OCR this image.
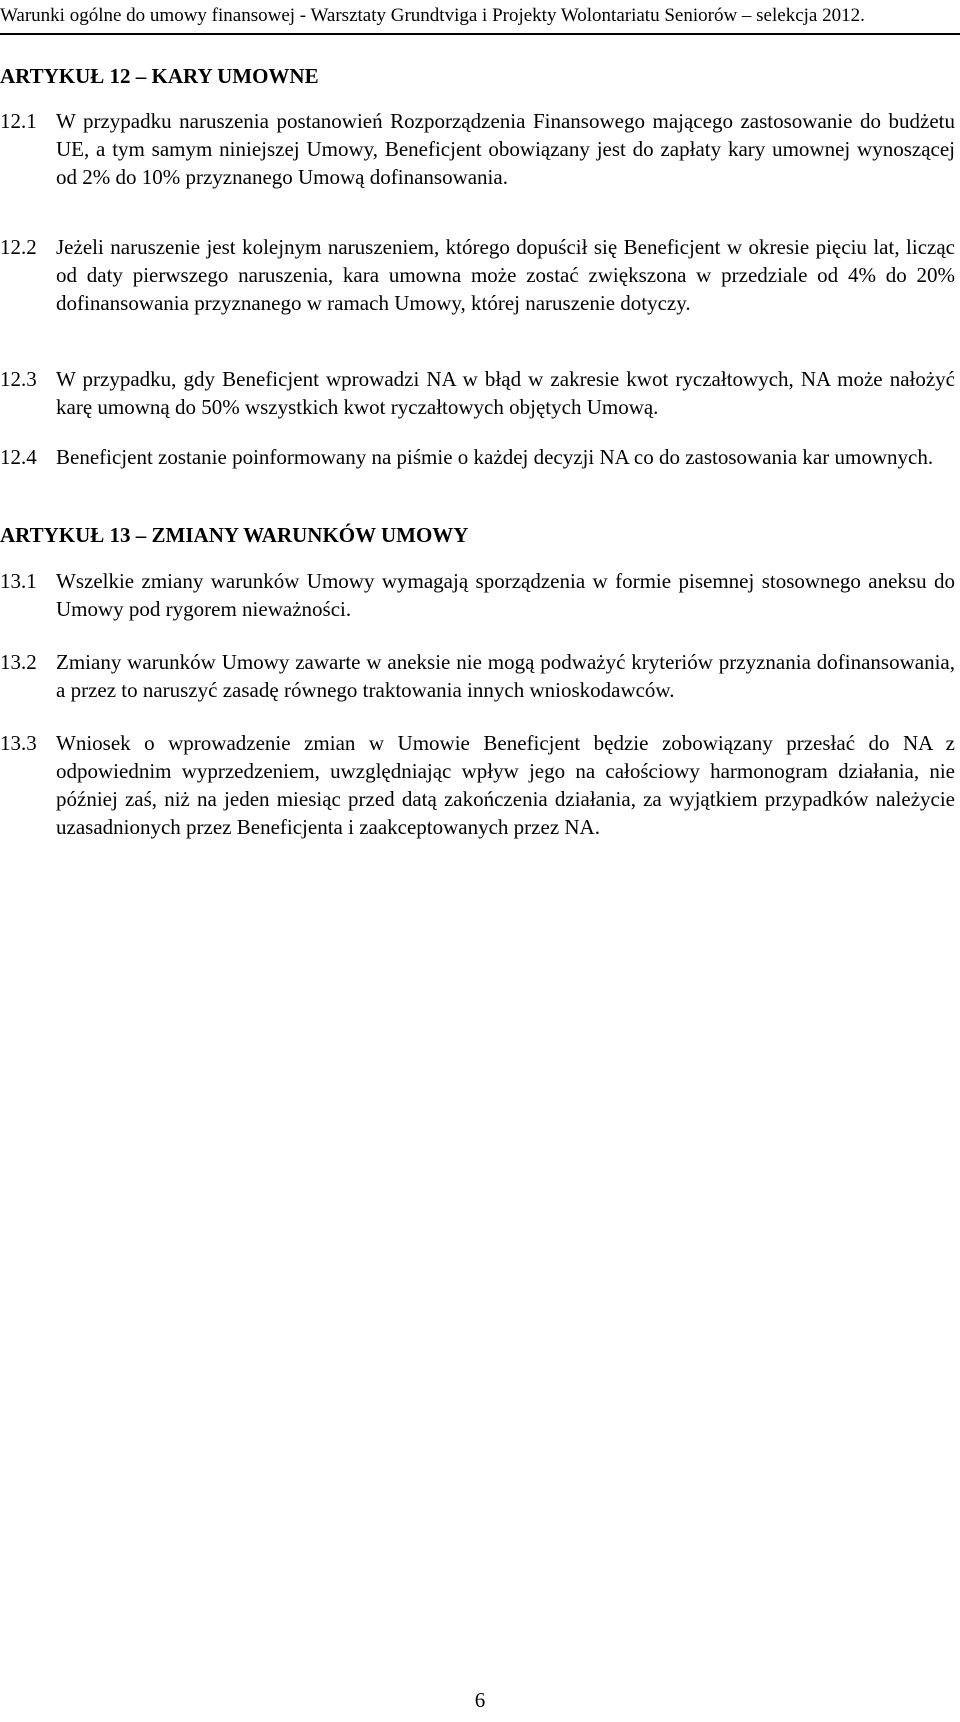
Warunki ogólne do umowy finansowej - Warsztaty Grundtviga i Projekty Wolontariatu Seniorów – selekcja 2012.
ARTYKUŁ 12 – KARY UMOWNE
12.1 W przypadku naruszenia postanowień Rozporządzenia Finansowego mającego zastosowanie do budżetu UE, a tym samym niniejszej Umowy, Beneficjent obowiązany jest do zapłaty kary umownej wynoszącej od 2% do 10% przyznanego Umową dofinansowania.
12.2 Jeżeli naruszenie jest kolejnym naruszeniem, którego dopuścił się Beneficjent w okresie pięciu lat, licząc od daty pierwszego naruszenia, kara umowna może zostać zwiększona w przedziale od 4% do 20% dofinansowania przyznanego w ramach Umowy, której naruszenie dotyczy.
12.3 W przypadku, gdy Beneficjent wprowadzi NA w błąd w zakresie kwot ryczałtowych, NA może nałożyć karę umowną do 50% wszystkich kwot ryczałtowych objętych Umową.
12.4 Beneficjent zostanie poinformowany na piśmie o każdej decyzji NA co do zastosowania kar umownych.
ARTYKUŁ 13 – ZMIANY WARUNKÓW UMOWY
13.1 Wszelkie zmiany warunków Umowy wymagają sporządzenia w formie pisemnej stosownego aneksu do Umowy pod rygorem nieważności.
13.2 Zmiany warunków Umowy zawarte w aneksie nie mogą podważyć kryteriów przyznania dofinansowania, a przez to naruszyć zasadę równego traktowania innych wnioskodawców.
13.3 Wniosek o wprowadzenie zmian w Umowie Beneficjent będzie zobowiązany przesłać do NA z odpowiednim wyprzedzeniem, uwzględniając wpływ jego na całościowy harmonogram działania, nie później zaś, niż na jeden miesiąc przed datą zakończenia działania, za wyjątkiem przypadków należycie uzasadnionych przez Beneficjenta i zaakceptowanych przez NA.
6
